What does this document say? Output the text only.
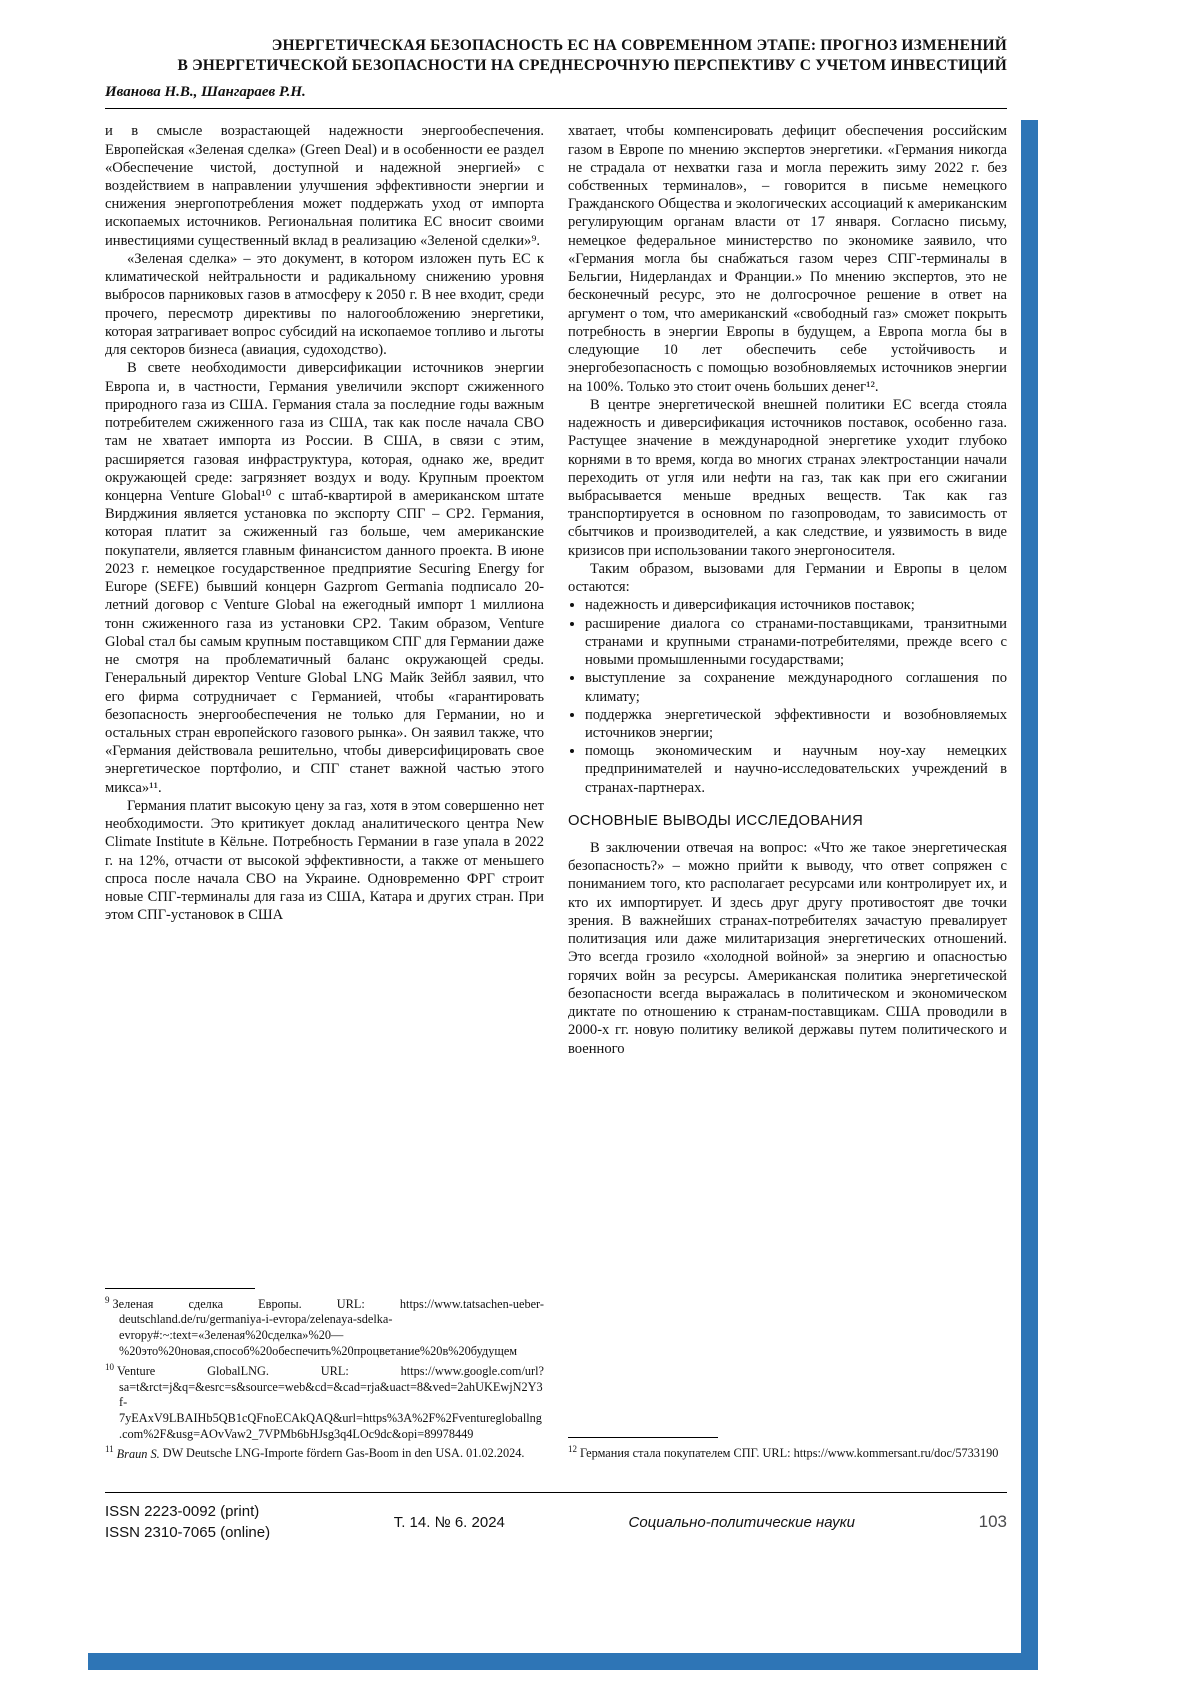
ЭНЕРГЕТИЧЕСКАЯ БЕЗОПАСНОСТЬ ЕС НА СОВРЕМЕННОМ ЭТАПЕ: ПРОГНОЗ ИЗМЕНЕНИЙ
В ЭНЕРГЕТИЧЕСКОЙ БЕЗОПАСНОСТИ НА СРЕДНЕСРОЧНУЮ ПЕРСПЕКТИВУ С УЧЕТОМ ИНВЕСТИЦИЙ
Иванова Н.В., Шангараев Р.Н.

и в смысле возрастающей надежности энергообеспечения. Европейская «Зеленая сделка» (Green Deal) и в особенности ее раздел «Обеспечение чистой, доступной и надежной энергией» с воздействием в направлении улучшения эффективности энергии и снижения энергопотребления может поддержать уход от импорта ископаемых источников. Региональная политика ЕС вносит своими инвестициями существенный вклад в реализацию «Зеленой сделки»⁹.

«Зеленая сделка» – это документ, в котором изложен путь ЕС к климатической нейтральности и радикальному снижению уровня выбросов парниковых газов в атмосферу к 2050 г. В нее входит, среди прочего, пересмотр директивы по налогообложению энергетики, которая затрагивает вопрос субсидий на ископаемое топливо и льготы для секторов бизнеса (авиация, судоходство).

В свете необходимости диверсификации источников энергии Европа и, в частности, Германия увеличили экспорт сжиженного природного газа из США. Германия стала за последние годы важным потребителем сжиженного газа из США, так как после начала СВО там не хватает импорта из России. В США, в связи с этим, расширяется газовая инфраструктура, которая, однако же, вредит окружающей среде: загрязняет воздух и воду. Крупным проектом концерна Venture Global¹⁰ с штаб-квартирой в американском штате Вирджиния является установка по экспорту СПГ – CP2. Германия, которая платит за сжиженный газ больше, чем американские покупатели, является главным финансистом данного проекта. В июне 2023 г. немецкое государственное предприятие Securing Energy for Europe (SEFE) бывший концерн Gazprom Germania подписало 20-летний договор с Venture Global на ежегодный импорт 1 миллиона тонн сжиженного газа из установки CP2. Таким образом, Venture Global стал бы самым крупным поставщиком СПГ для Германии даже не смотря на проблематичный баланс окружающей среды. Генеральный директор Venture Global LNG Майк Зейбл заявил, что его фирма сотрудничает с Германией, чтобы «гарантировать безопасность энергообеспечения не только для Германии, но и остальных стран европейского газового рынка». Он заявил также, что «Германия действовала решительно, чтобы диверсифицировать свое энергетическое портфолио, и СПГ станет важной частью этого микса»¹¹.

Германия платит высокую цену за газ, хотя в этом совершенно нет необходимости. Это критикует доклад аналитического центра New Climate Institute в Кёльне. Потребность Германии в газе упала в 2022 г. на 12%, отчасти от высокой эффективности, а также от меньшего спроса после начала СВО на Украине. Одновременно ФРГ строит новые СПГ-терминалы для газа из США, Катара и других стран. При этом СПГ-установок в США

$^9$ Зеленая сделка Европы. URL: https://www.tatsachen-ueber-deutschland.de/ru/germaniya-i-evropa/zelenaya-sdelka-evropy#:~:text=«Зеленая%20сделка»%20—%20это%20новая,способ%20обеспечить%20процветание%20в%20будущем
$^{10}$ Venture GlobalLNG. URL: https://www.google.com/url?sa=t&rct=j&q=&esrc=s&source=web&cd=&cad=rja&uact=8&ved=2ahUKEwjN2Y3f-7yEAxV9LBAIHb5QB1cQFnoECAkQAQ&url=https%3A%2F%2Fventuregloballng.com%2F&usg=AOvVaw2_7VPMb6bHJsg3q4LOc9dc&opi=89978449
$^{11}$ Braun S. DW Deutsche LNG-Importe fördern Gas-Boom in den USA. 01.02.2024.

хватает, чтобы компенсировать дефицит обеспечения российским газом в Европе по мнению экспертов энергетики. «Германия никогда не страдала от нехватки газа и могла пережить зиму 2022 г. без собственных терминалов», – говорится в письме немецкого Гражданского Общества и экологических ассоциаций к американским регулирующим органам власти от 17 января. Согласно письму, немецкое федеральное министерство по экономике заявило, что «Германия могла бы снабжаться газом через СПГ-терминалы в Бельгии, Нидерландах и Франции.» По мнению экспертов, это не бесконечный ресурс, это не долгосрочное решение в ответ на аргумент о том, что американский «свободный газ» сможет покрыть потребность в энергии Европы в будущем, а Европа могла бы в следующие 10 лет обеспечить себе устойчивость и энергобезопасность с помощью возобновляемых источников энергии на 100%. Только это стоит очень больших денег¹².

В центре энергетической внешней политики ЕС всегда стояла надежность и диверсификация источников поставок, особенно газа. Растущее значение в международной энергетике уходит глубоко корнями в то время, когда во многих странах электростанции начали переходить от угля или нефти на газ, так как при его сжигании выбрасывается меньше вредных веществ. Так как газ транспортируется в основном по газопроводам, то зависимость от сбытчиков и производителей, а как следствие, и уязвимость в виде кризисов при использовании такого энергоносителя.

Таким образом, вызовами для Германии и Европы в целом остаются:

• надежность и диверсификация источников поставок;
• расширение диалога со странами-поставщиками, транзитными странами и крупными странами-потребителями, прежде всего с новыми промышленными государствами;
• выступление за сохранение международного соглашения по климату;
• поддержка энергетической эффективности и возобновляемых источников энергии;
• помощь экономическим и научным ноу-хау немецких предпринимателей и научно-исследовательских учреждений в странах-партнерах.
ОСНОВНЫЕ ВЫВОДЫ ИССЛЕДОВАНИЯ

В заключении отвечая на вопрос: «Что же такое энергетическая безопасность?» – можно прийти к выводу, что ответ сопряжен с пониманием того, кто располагает ресурсами или контролирует их, и кто их импортирует. И здесь друг другу противостоят две точки зрения. В важнейших странах-потребителях зачастую превалирует политизация или даже милитаризация энергетических отношений. Это всегда грозило «холодной войной» за энергию и опасностью горячих войн за ресурсы. Американская политика энергетической безопасности всегда выражалась в политическом и экономическом диктате по отношению к странам-поставщикам. США проводили в 2000-х гг. новую политику великой державы путем политического и военного

$^{12}$ Германия стала покупателем СПГ. URL: https://www.kommersant.ru/doc/5733190
ISSN 2223-0092 (print)
ISSN 2310-7065 (online)
Т. 14. № 6. 2024	Социально-политические науки	103
